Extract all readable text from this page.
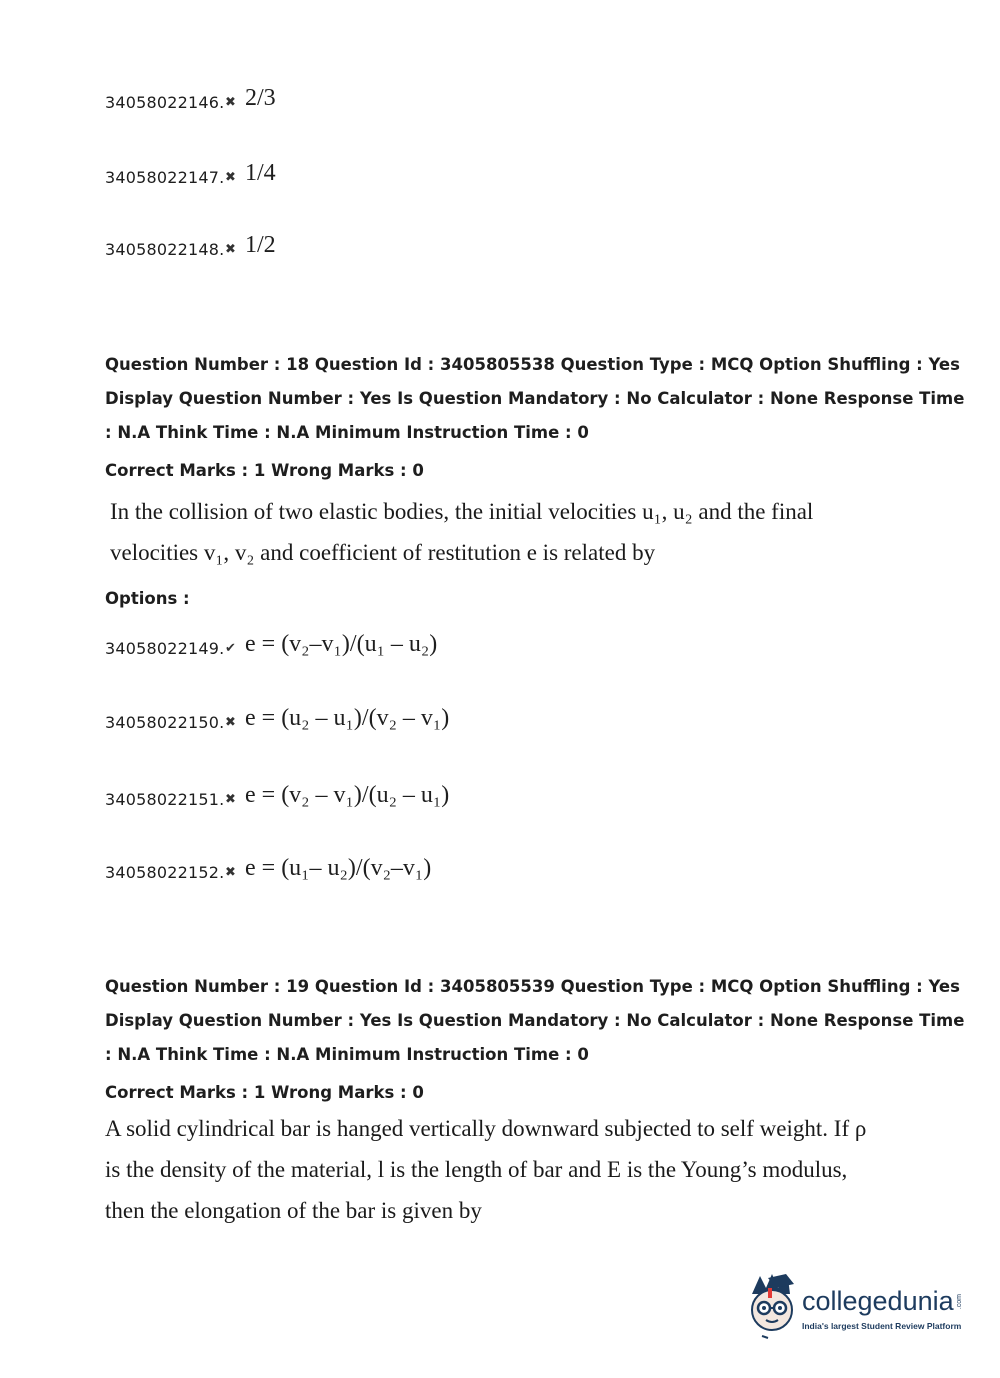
34058022146. ✖ 2/3
34058022147. ✖ 1/4
34058022148. ✖ 1/2
Question Number : 18 Question Id : 3405805538 Question Type : MCQ Option Shuffling : Yes
Display Question Number : Yes Is Question Mandatory : No Calculator : None Response Time
: N.A Think Time : N.A Minimum Instruction Time : 0
Correct Marks : 1 Wrong Marks : 0
In the collision of two elastic bodies, the initial velocities u₁, u₂ and the final
velocities v₁, v₂ and coefficient of restitution e is related by
Options :
34058022149. ✔ e = (v₂–v₁)/(u₁ – u₂)
34058022150. ✖ e = (u₂ – u₁)/(v₂ – v₁)
34058022151. ✖ e = (v₂ – v₁)/(u₂ – u₁)
34058022152. ✖ e = (u₁– u₂)/(v₂–v₁)
Question Number : 19 Question Id : 3405805539 Question Type : MCQ Option Shuffling : Yes
Display Question Number : Yes Is Question Mandatory : No Calculator : None Response Time
: N.A Think Time : N.A Minimum Instruction Time : 0
Correct Marks : 1 Wrong Marks : 0
A solid cylindrical bar is hanged vertically downward subjected to self weight. If ρ
is the density of the material, l is the length of bar and E is the Young’s modulus,
then the elongation of the bar is given by
collegedunia .com
India's largest Student Review Platform
